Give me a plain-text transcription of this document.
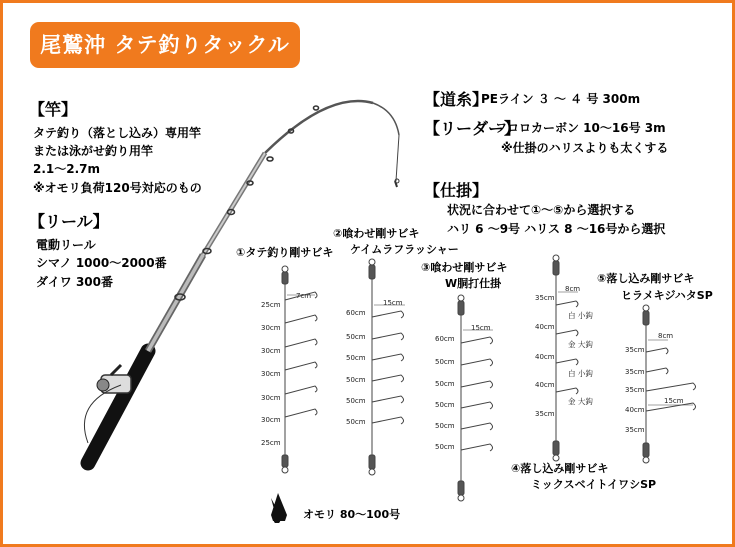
尾鷲沖 タテ釣りタックル
【竿】
タテ釣り（落とし込み）専用竿
または泳がせ釣り用竿
2.1〜2.7m
※オモリ負荷120号対応のもの
【リール】
電動リール
シマノ 1000〜2000番
ダイワ 300番
【道糸】
PEライン ３ 〜 ４ 号 300m
【リーダー】
フロロカーボン 10〜16号 3m
※仕掛のハリスよりも太くする
【仕掛】
状況に合わせて①〜⑤から選択する
ハリ 6 〜9号 ハリス 8 〜16号から選択
①タテ釣り剛サビキ
②喰わせ剛サビキ
ケイムラフラッシャー
③喰わせ剛サビキ
W胴打仕掛
④落し込み剛サビキ
ミックスベイトイワシSP
⑤落し込み剛サビキ
ヒラメキジハタSP
25cm
30cm
30cm
30cm
30cm
30cm
25cm
7cm
60cm
50cm
50cm
50cm
50cm
50cm
15cm
60cm
50cm
50cm
50cm
50cm
50cm
15cm
35cm
40cm
40cm
40cm
35cm
8cm
白 小鈎
金 大鈎
白 小鈎
金 大鈎
35cm
35cm
35cm
40cm
35cm
8cm
15cm
オモリ 80〜100号
